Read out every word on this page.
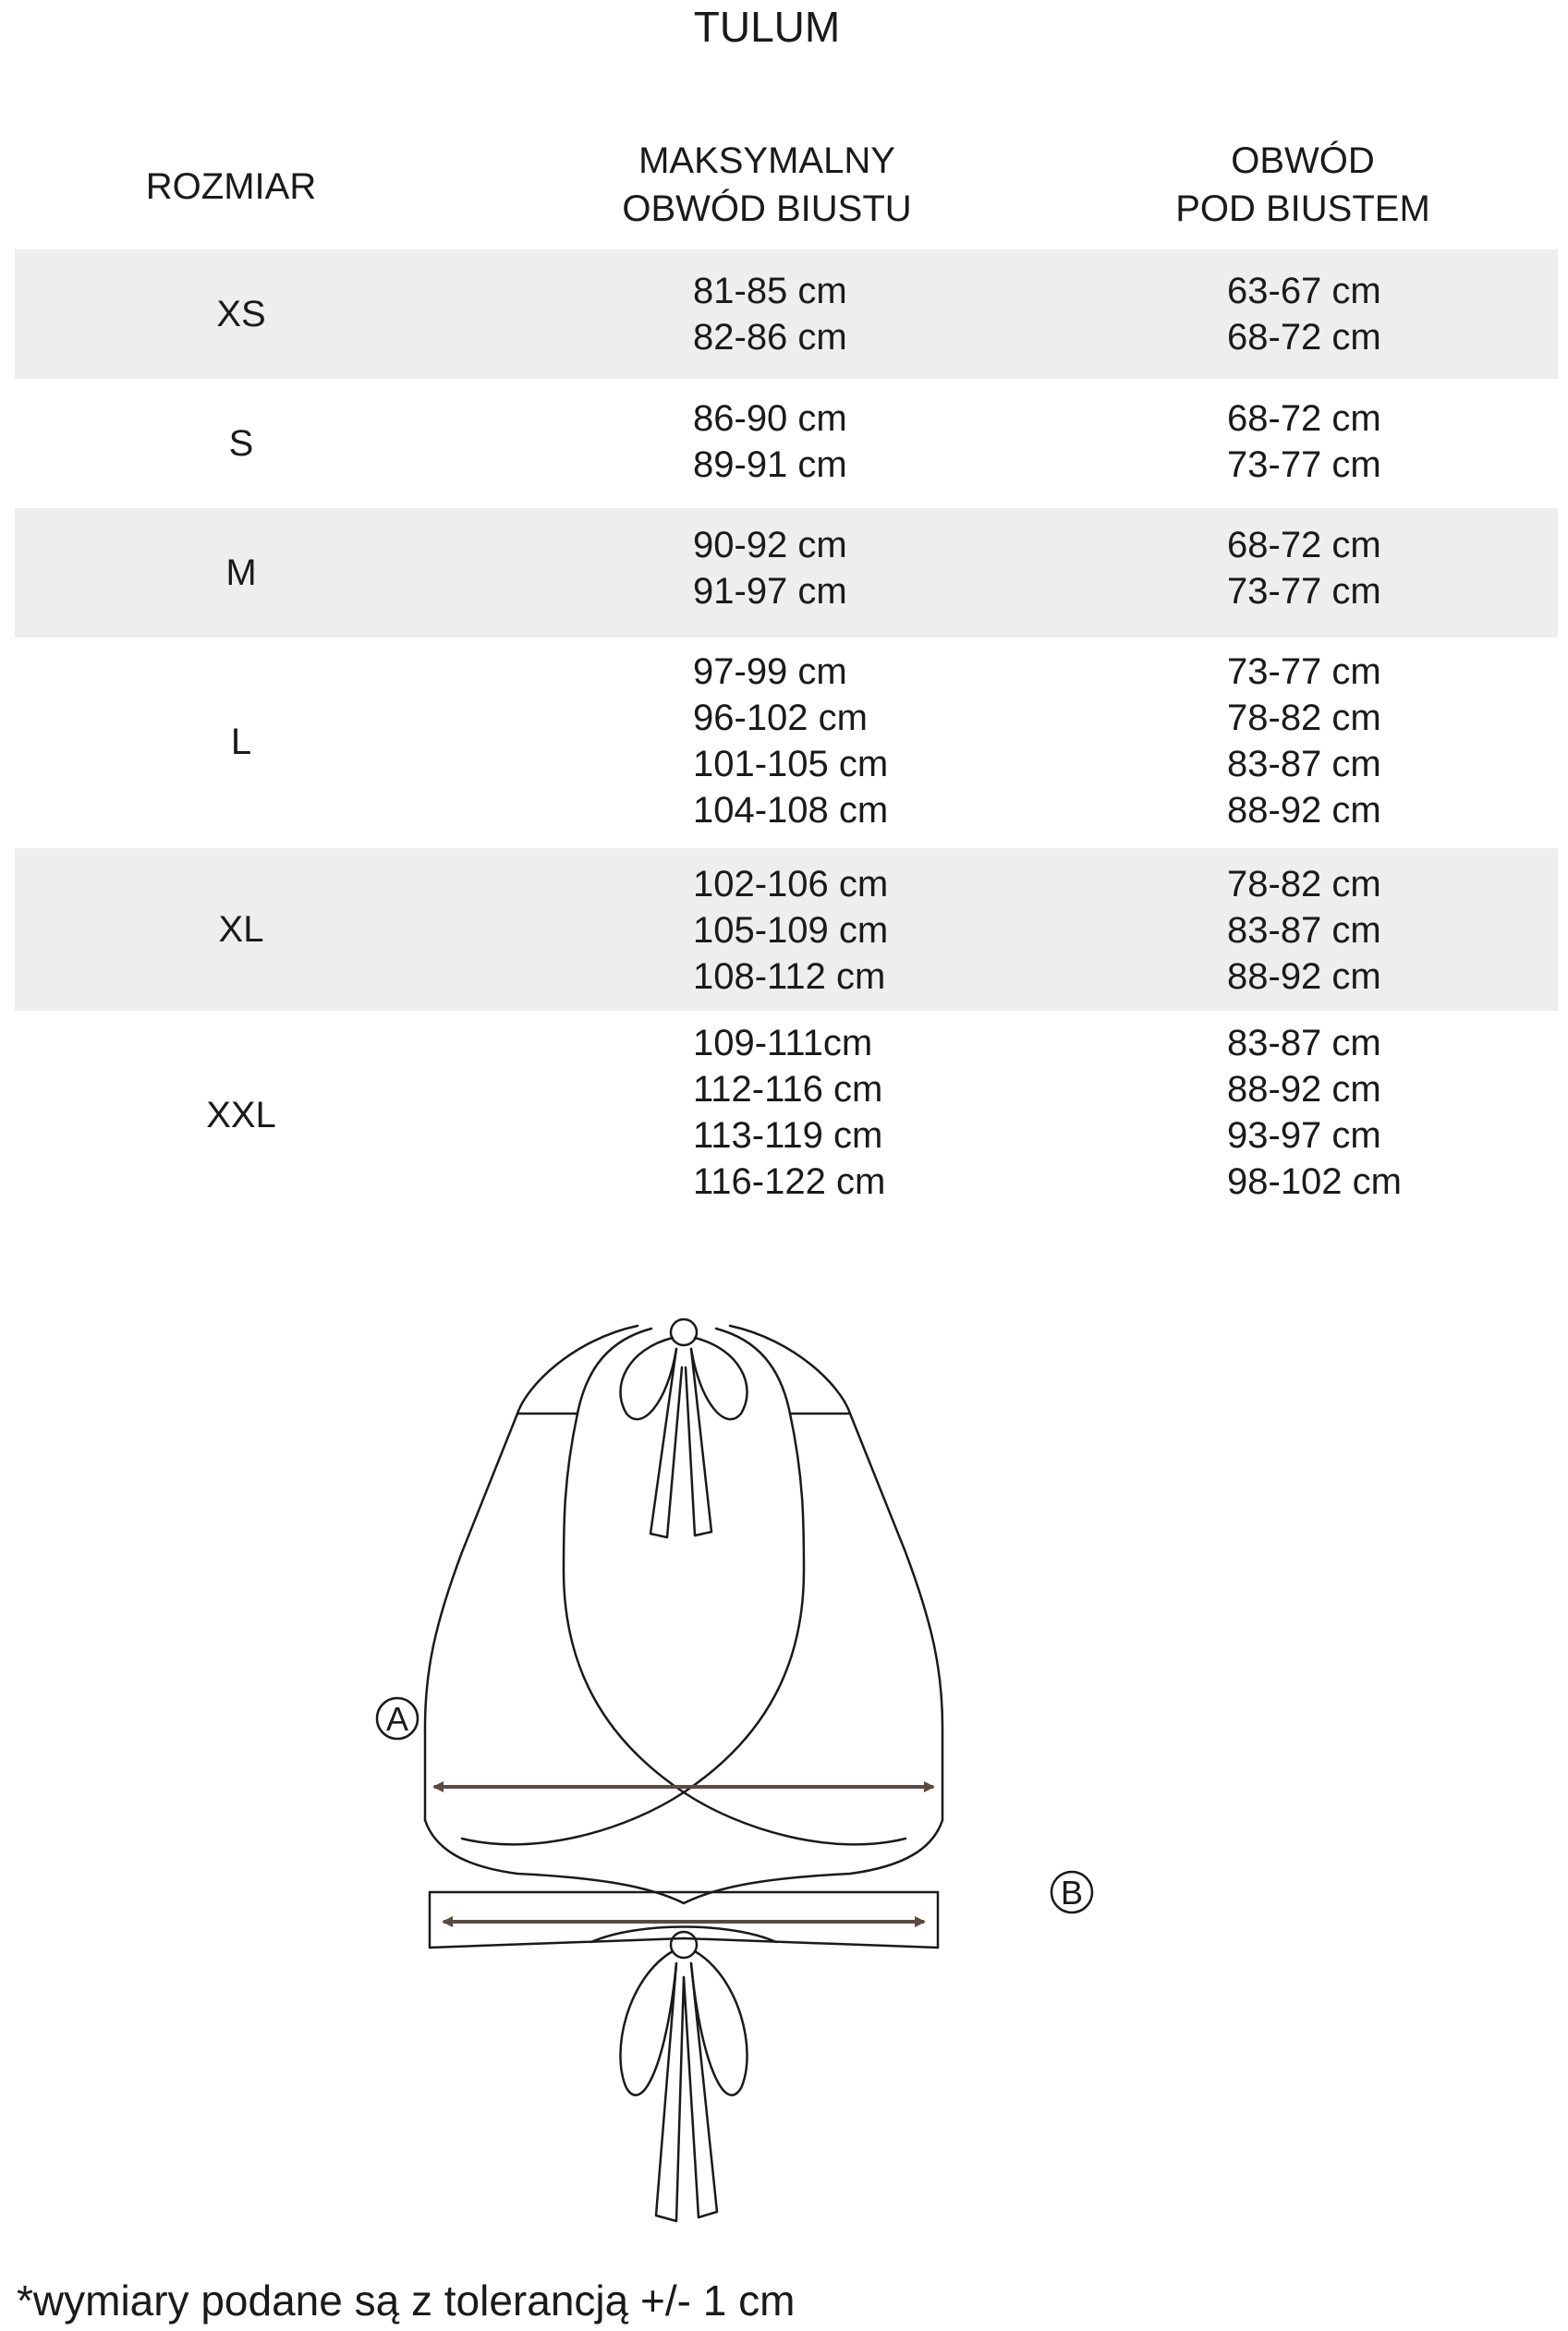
TULUM
ROZMIAR
MAKSYMALNY
OBWÓD BIUSTU
OBWÓD
POD BIUSTEM
XS
81-85 cm
82-86 cm
63-67 cm
68-72 cm
S
86-90 cm
89-91 cm
68-72 cm
73-77 cm
M
90-92 cm
91-97 cm
68-72 cm
73-77 cm
L
97-99 cm
96-102 cm
101-105 cm
104-108 cm
73-77 cm
78-82 cm
83-87 cm
88-92 cm
XL
102-106 cm
105-109 cm
108-112 cm
78-82 cm
83-87 cm
88-92 cm
XXL
109-111cm
112-116 cm
113-119 cm
116-122 cm
83-87 cm
88-92 cm
93-97 cm
98-102 cm
A
B
*wymiary podane są z tolerancją +/- 1 cm
